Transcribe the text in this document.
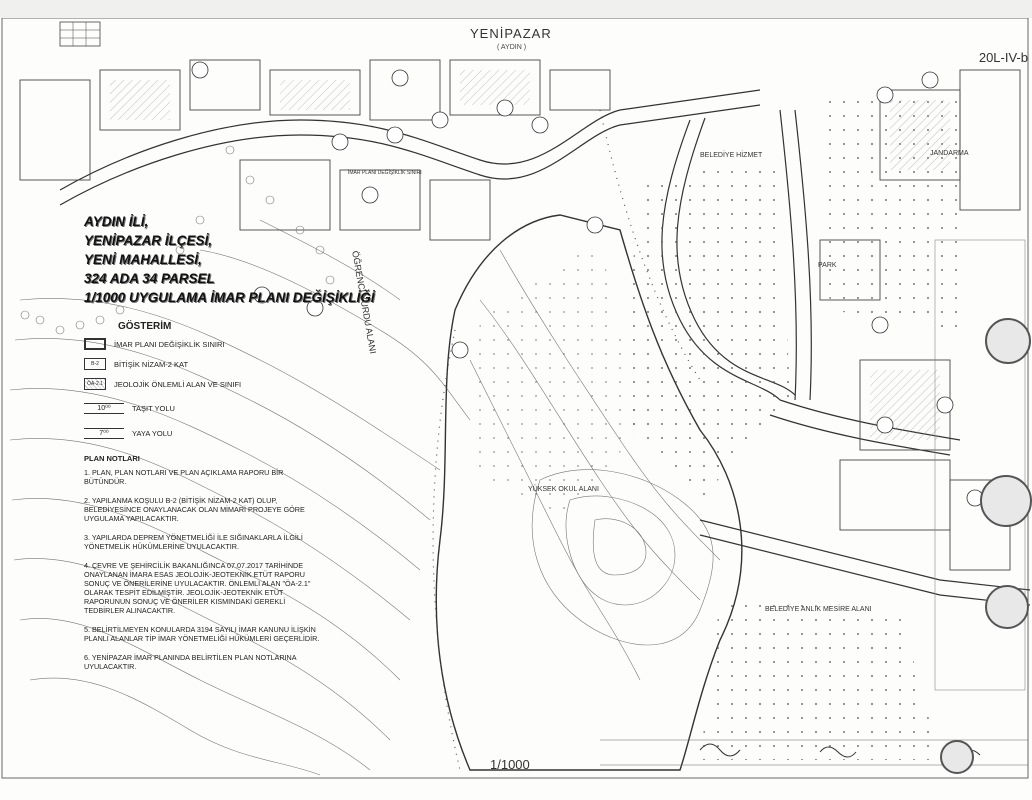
YENİPAZAR
( AYDIN )
20L-IV-b
1/1000
AYDIN İLİ,
YENİPAZAR İLÇESİ,
YENİ MAHALLESİ,
324 ADA 34 PARSEL
1/1000 UYGULAMA İMAR PLANI DEĞİŞİKLİĞİ
GÖSTERİM
İMAR PLANI DEĞİŞİKLİK SINIRI
B-2	BİTİŞİK NİZAM-2 KAT
ÖA-2.1	JEOLOJİK ÖNLEMLİ ALAN VE SINIFI
10⁰⁰	TAŞIT YOLU
7⁰⁰	YAYA YOLU
PLAN NOTLARI

1. PLAN, PLAN NOTLARI VE PLAN AÇIKLAMA RAPORU BİR BÜTÜNDÜR.

2. YAPILANMA KOŞULU B-2 (BİTİŞİK NİZAM-2 KAT) OLUP, BELEDİYESİNCE ONAYLANACAK OLAN MİMARİ PROJEYE GÖRE UYGULAMA YAPILACAKTIR.

3. YAPILARDA DEPREM YÖNETMELİĞİ İLE SIĞINAKLARLA İLGİLİ YÖNETMELİK HÜKÜMLERİNE UYULACAKTIR.

4. ÇEVRE VE ŞEHİRCİLİK BAKANLIĞINCA 07.07.2017 TARİHİNDE ONAYLANAN İMARA ESAS JEOLOJİK-JEOTEKNİK ETÜT RAPORU SONUÇ VE ÖNERİLERİNE UYULACAKTIR. ÖNLEMLİ ALAN "ÖA-2.1" OLARAK TESPİT EDİLMİŞTİR. JEOLOJİK-JEOTEKNİK ETÜT RAPORUNUN SONUÇ VE ÖNERİLER KISMINDAKİ GEREKLİ TEDBİRLER ALINACAKTIR.

5. BELİRTİLMEYEN KONULARDA 3194 SAYILI İMAR KANUNU İLİŞKİN PLANLI ALANLAR TİP İMAR YÖNETMELİĞİ HÜKÜMLERİ GEÇERLİDİR.

6. YENİPAZAR İMAR PLANINDA BELİRTİLEN PLAN NOTLARINA UYULACAKTIR.

ÖĞRENCİ YURDU ALANI
BELEDİYE HİZMET	JANDARMA
PARK
YÜKSEK OKUL ALANI
BELEDİYE ANLIK MESİRE ALANI
İMAR PLANI DEĞİŞİKLİK SINIRI
